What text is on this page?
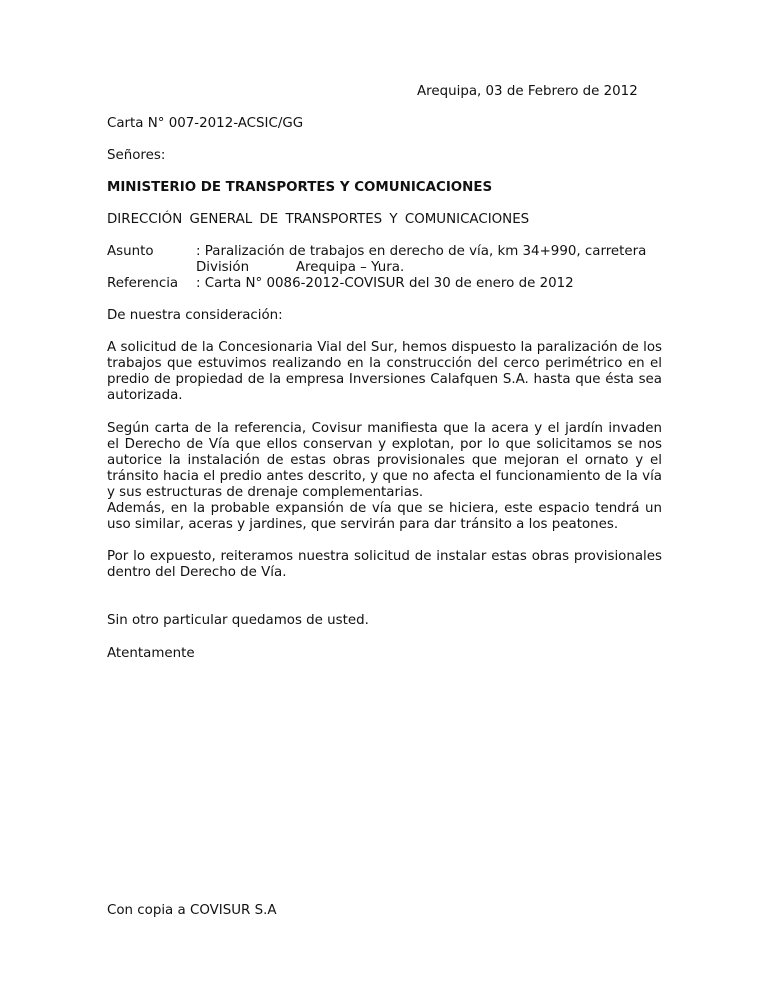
Arequipa, 03 de Febrero de 2012
Carta N° 007-2012-ACSIC/GG
Señores:
MINISTERIO DE TRANSPORTES Y COMUNICACIONES
DIRECCIÓN GENERAL DE TRANSPORTES Y COMUNICACIONES
Asunto	: Paralización de trabajos en derecho de vía, km 34+990, carretera
División           Arequipa – Yura.
Referencia : Carta N° 0086-2012-COVISUR del 30 de enero de 2012
De nuestra consideración:

A solicitud de la Concesionaria Vial del Sur, hemos dispuesto la paralización de los trabajos que estuvimos realizando en la construcción del cerco perimétrico en el predio de propiedad de la empresa Inversiones Calafquen S.A. hasta que ésta sea autorizada.

Según carta de la referencia, Covisur manifiesta que la acera y el jardín invaden el Derecho de Vía que ellos conservan y explotan, por lo que solicitamos se nos autorice la instalación de estas obras provisionales que mejoran el ornato y el tránsito hacia el predio antes descrito, y que no afecta el funcionamiento de la vía y sus estructuras de drenaje complementarias.

Además, en la probable expansión de vía que se hiciera, este espacio tendrá un uso similar, aceras y jardines, que servirán para dar tránsito a los peatones.

Por lo expuesto, reiteramos nuestra solicitud de instalar estas obras provisionales dentro del Derecho de Vía.

Sin otro particular quedamos de usted.
Atentamente
Con copia a COVISUR S.A
